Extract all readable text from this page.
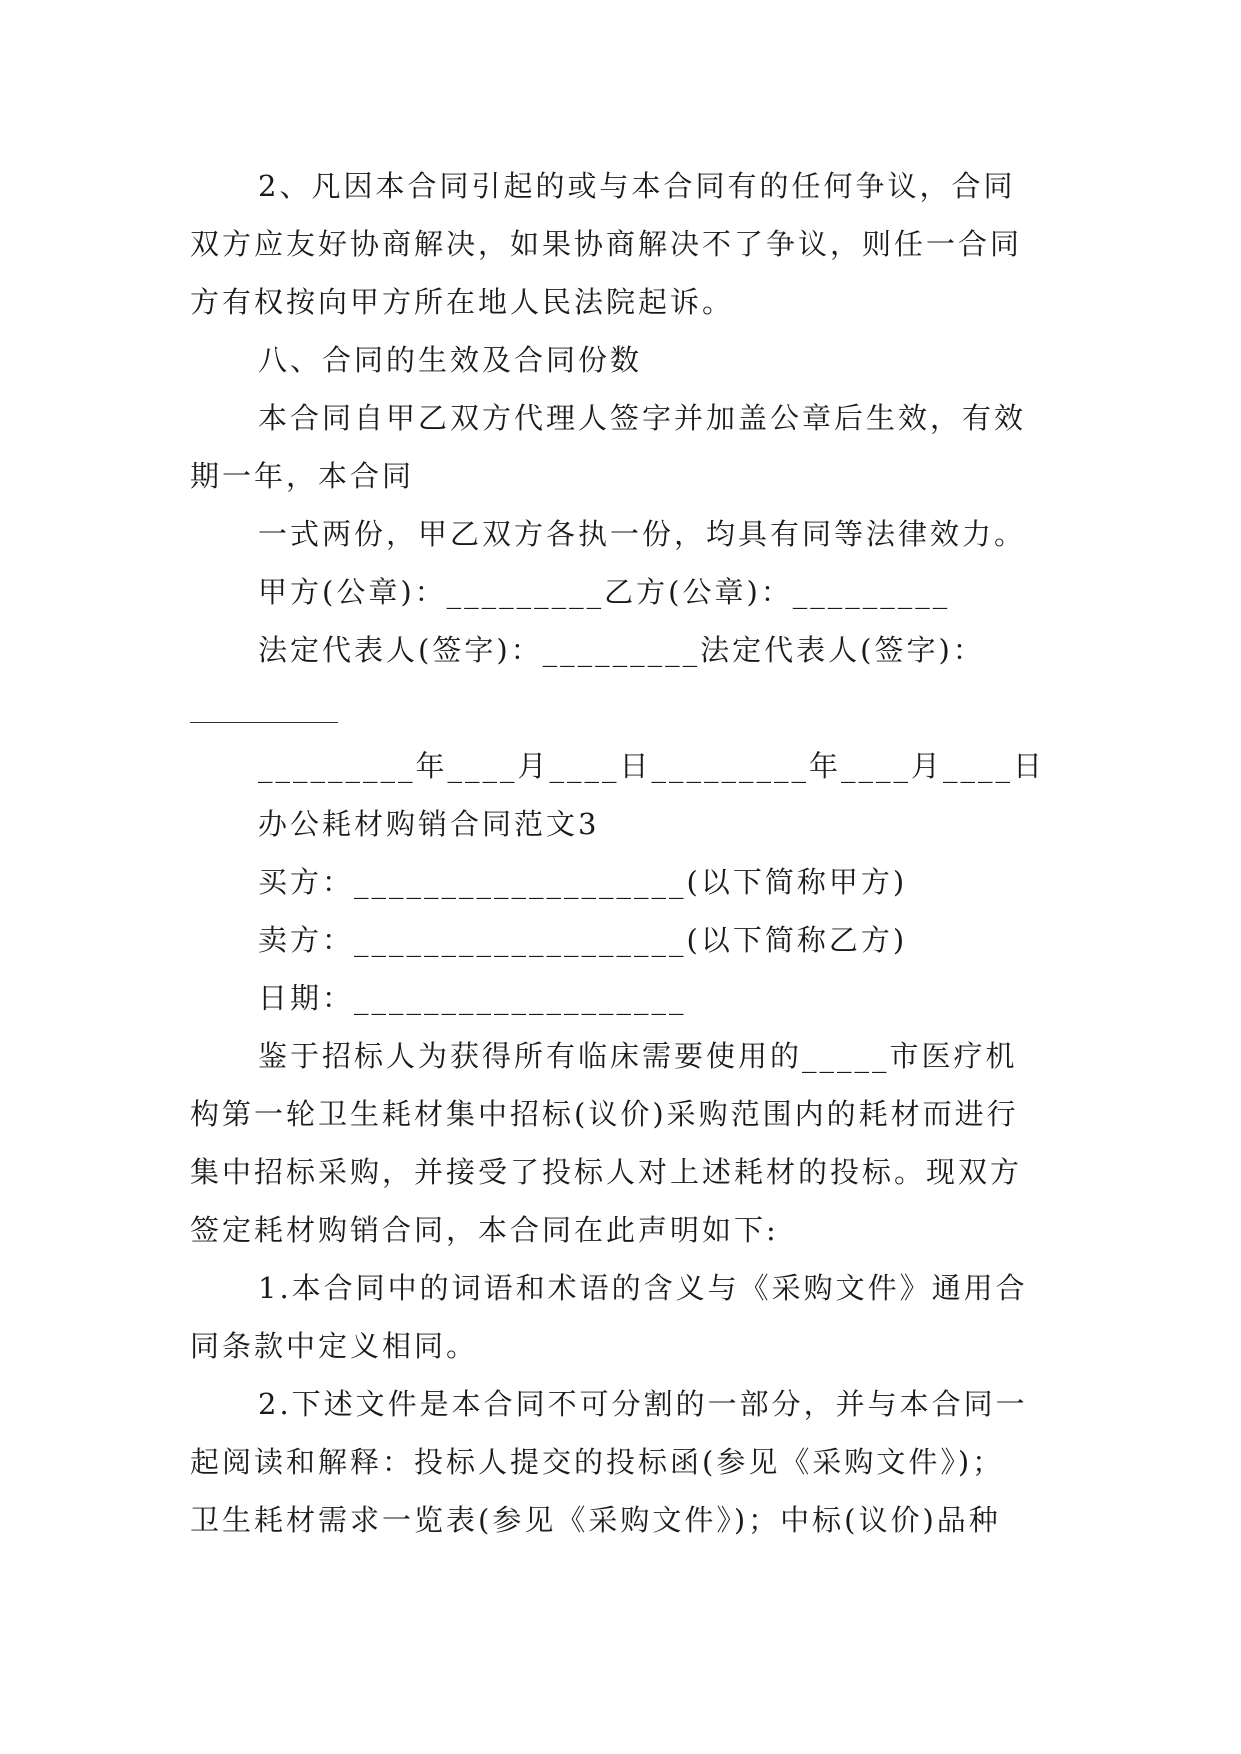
2、凡因本合同引起的或与本合同有的任何争议，合同
双方应友好协商解决，如果协商解决不了争议，则任一合同
方有权按向甲方所在地人民法院起诉。
八、合同的生效及合同份数
本合同自甲乙双方代理人签字并加盖公章后生效，有效
期一年，本合同
一式两份，甲乙双方各执一份，均具有同等法律效力。
甲方(公章)：_________乙方(公章)：_________
法定代表人(签字)：_________法定代表人(签字)：
_________年____月____日_________年____月____日
办公耗材购销合同范文3
买方：___________________(以下简称甲方)
卖方：___________________(以下简称乙方)
日期：___________________
鉴于招标人为获得所有临床需要使用的_____市医疗机
构第一轮卫生耗材集中招标(议价)采购范围内的耗材而进行
集中招标采购，并接受了投标人对上述耗材的投标。现双方
签定耗材购销合同，本合同在此声明如下:
1.本合同中的词语和术语的含义与《采购文件》通用合
同条款中定义相同。
2.下述文件是本合同不可分割的一部分，并与本合同一
起阅读和解释：投标人提交的投标函(参见《采购文件》)；
卫生耗材需求一览表(参见《采购文件》)；中标(议价)品种
